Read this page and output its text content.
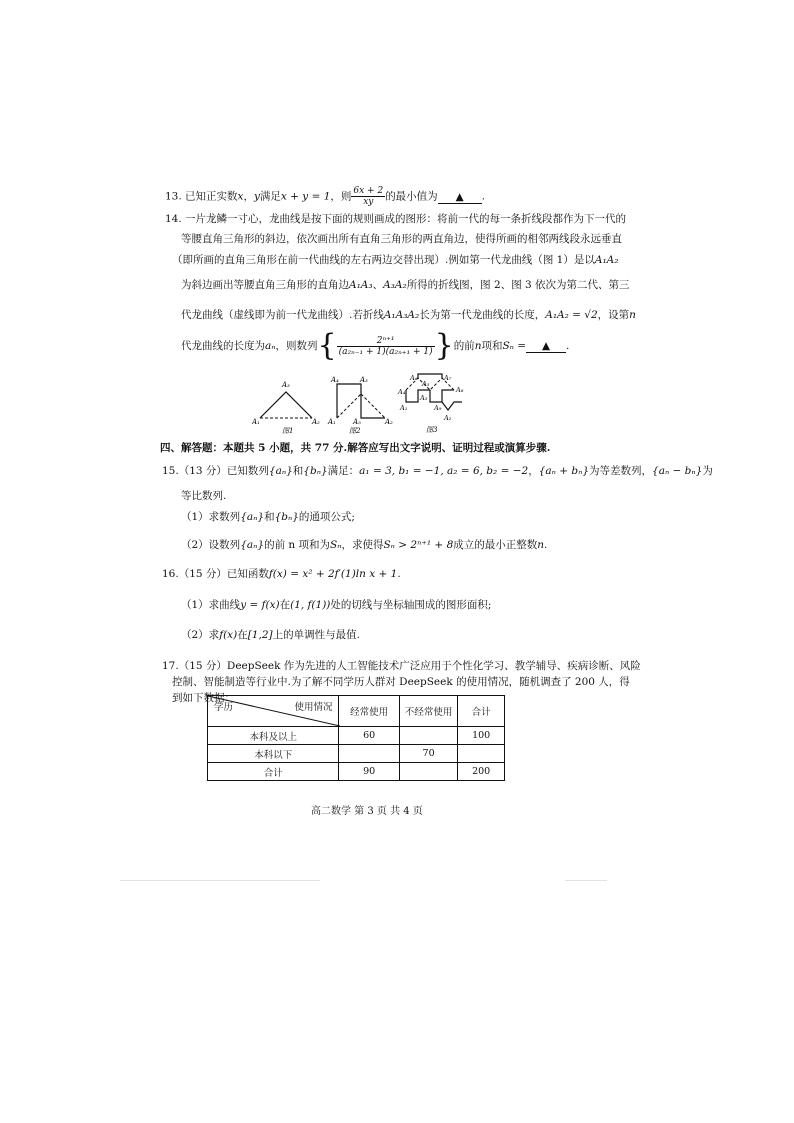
13. 已知正实数x，y满足x + y = 1，则 $\frac{6x + 2}{xy}$ 的最小值为 ▲ .
14. 一片龙鳞一寸心，龙曲线是按下面的规则画成的图形：将前一代的每一条折线段都作为下一代的
等腰直角三角形的斜边，依次画出所有直角三角形的两直角边，使得所画的相邻两线段永远垂直
（即所画的直角三角形在前一代曲线的左右两边交替出现）.例如第一代龙曲线（图 1）是以A₁A₂
为斜边画出等腰直角三角形的直角边A₁A₃、A₃A₂所得的折线图，图 2、图 3 依次为第二代、第三
代龙曲线（虚线即为前一代龙曲线）.若折线A₁A₃A₂长为第一代龙曲线的长度，A₁A₂ = √2，设第n
代龙曲线的长度为aₙ，则数列{ $\frac{\text{2ⁿ⁺¹}}{\text{(a₂ₙ₋₁ + 1)(a₂ₙ₊₁ + 1)}}$ }的前n项和Sₙ = ▲ .
A₃
A₁	A₂
图1
A₄	A₃
A₁ A₅	A₂
图2
A₆
A₄
A₅
A₇
A₈
A₃
A₁	A₉
A₂
图3
四、解答题：本题共 5 小题，共 77 分.解答应写出文字说明、证明过程或演算步骤.
15.（13 分）已知数列{aₙ}和{bₙ}满足：a₁ = 3, b₁ = −1, a₂ = 6, b₂ = −2，{aₙ + bₙ}为等差数列，{aₙ − bₙ}为
等比数列.
（1）求数列{aₙ}和{bₙ}的通项公式;
（2）设数列{aₙ}的前 n 项和为Sₙ，求使得Sₙ > 2ⁿ⁺¹ + 8成立的最小正整数n.
16.（15 分）已知函数f(x) = x² + 2f′(1)ln x + 1.
（1）求曲线y = f(x)在(1, f(1))处的切线与坐标轴围成的图形面积;
（2）求f(x)在[1,2]上的单调性与最值.
17.（15 分）DeepSeek 作为先进的人工智能技术广泛应用于个性化学习、教学辅导、疾病诊断、风险
控制、智能制造等行业中.为了解不同学历人群对 DeepSeek 的使用情况，随机调查了 200 人，得
到如下数据：
学历 使用情况	经常使用	不经常使用	合计
本科及以上	60		100
本科以下		70	
合计	90		200
高二数学 第 3 页 共 4 页
